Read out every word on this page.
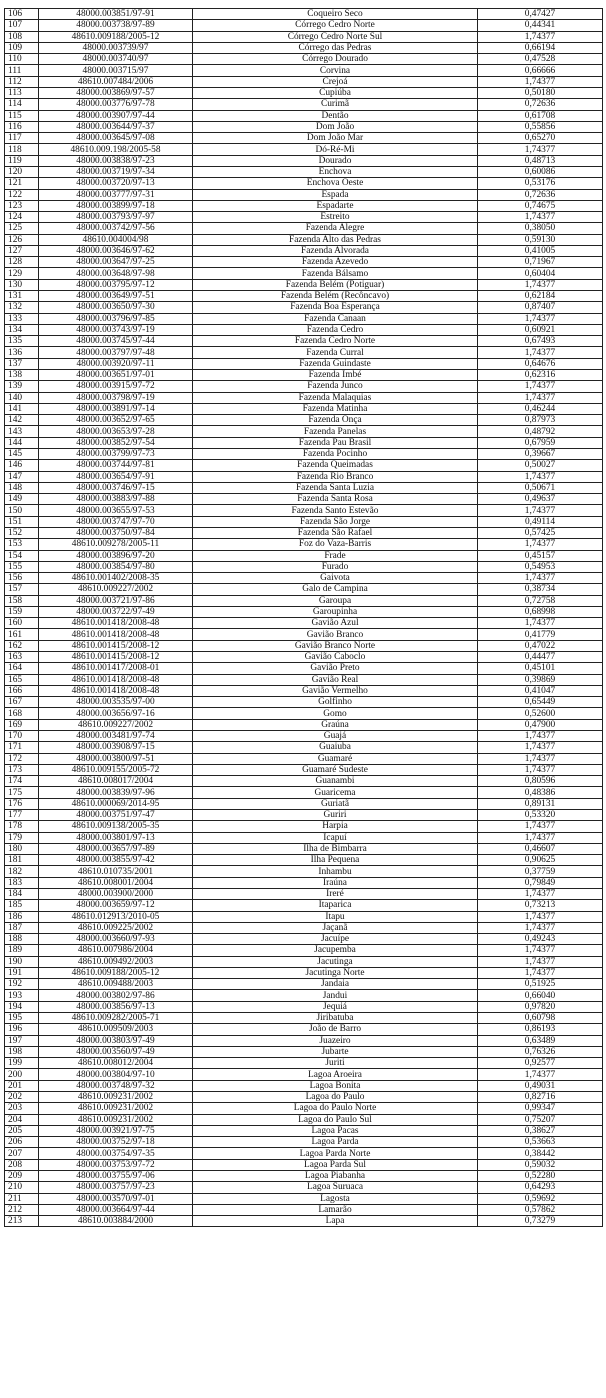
106	48000.003851/97-91	Coqueiro Seco	0,47427
107	48000.003738/97-89	Córrego Cedro Norte	0,44341
108	48610.009188/2005-12	Córrego Cedro Norte Sul	1,74377
109	48000.003739/97	Córrego das Pedras	0,66194
110	48000.003740/97	Córrego Dourado	0,47528
111	48000.003715/97	Corvina	0,66666
112	48610.007484/2006	Crejoá	1,74377
113	48000.003869/97-57	Cupiúba	0,50180
114	48000.003776/97-78	Curimã	0,72636
115	48000.003907/97-44	Dentão	0,61708
116	48000.003644/97-37	Dom João	0,55856
117	48000.003645/97-08	Dom João Mar	0,65270
118	48610.009.198/2005-58	Dó-Ré-Mi	1,74377
119	48000.003838/97-23	Dourado	0,48713
120	48000.003719/97-34	Enchova	0,60086
121	48000.003720/97-13	Enchova Oeste	0,53176
122	48000.003777/97-31	Espada	0,72636
123	48000.003899/97-18	Espadarte	0,74675
124	48000.003793/97-97	Estreito	1,74377
125	48000.003742/97-56	Fazenda Alegre	0,38050
126	48610.004004/98	Fazenda Alto das Pedras	0,59130
127	48000.003646/97-62	Fazenda Alvorada	0,41005
128	48000.003647/97-25	Fazenda Azevedo	0,71967
129	48000.003648/97-98	Fazenda Bálsamo	0,60404
130	48000.003795/97-12	Fazenda Belém (Potiguar)	1,74377
131	48000.003649/97-51	Fazenda Belém (Recôncavo)	0,62184
132	48000.003650/97-30	Fazenda Boa Esperança	0,87407
133	48000.003796/97-85	Fazenda Canaan	1,74377
134	48000.003743/97-19	Fazenda Cedro	0,60921
135	48000.003745/97-44	Fazenda Cedro Norte	0,67493
136	48000.003797/97-48	Fazenda Curral	1,74377
137	48000.003920/97-11	Fazenda Guindaste	0,64676
138	48000.003651/97-01	Fazenda Imbé	0,62316
139	48000.003915/97-72	Fazenda Junco	1,74377
140	48000.003798/97-19	Fazenda Malaquias	1,74377
141	48000.003891/97-14	Fazenda Matinha	0,46244
142	48000.003652/97-65	Fazenda Onça	0,87973
143	48000.003653/97-28	Fazenda Panelas	0,48792
144	48000.003852/97-54	Fazenda Pau Brasil	0,67959
145	48000.003799/97-73	Fazenda Pocinho	0,39667
146	48000.003744/97-81	Fazenda Queimadas	0,50027
147	48000.003654/97-91	Fazenda Rio Branco	1,74377
148	48000.003746/97-15	Fazenda Santa Luzia	0,50671
149	48000.003883/97-88	Fazenda Santa Rosa	0,49637
150	48000.003655/97-53	Fazenda Santo Estevão	1,74377
151	48000.003747/97-70	Fazenda São Jorge	0,49114
152	48000.003750/97-84	Fazenda São Rafael	0,57425
153	48610.009278/2005-11	Foz do Vaza-Barris	1,74377
154	48000.003896/97-20	Frade	0,45157
155	48000.003854/97-80	Furado	0,54953
156	48610.001402/2008-35	Gaivota	1,74377
157	48610.009227/2002	Galo de Campina	0,38734
158	48000.003721/97-86	Garoupa	0,72758
159	48000.003722/97-49	Garoupinha	0,68998
160	48610.001418/2008-48	Gavião Azul	1,74377
161	48610.001418/2008-48	Gavião Branco	0,41779
162	48610.001415/2008-12	Gavião Branco Norte	0,47022
163	48610.001415/2008-12	Gavião Caboclo	0,44477
164	48610.001417/2008-01	Gavião Preto	0,45101
165	48610.001418/2008-48	Gavião Real	0,39869
166	48610.001418/2008-48	Gavião Vermelho	0,41047
167	48000.003535/97-00	Golfinho	0,65449
168	48000.003656/97-16	Gomo	0,52600
169	48610.009227/2002	Graúna	0,47900
170	48000.003481/97-74	Guajá	1,74377
171	48000.003908/97-15	Guaiuba	1,74377
172	48000.003800/97-51	Guamaré	1,74377
173	48610.009155/2005-72	Guamaré Sudeste	1,74377
174	48610.008017/2004	Guanambi	0,80596
175	48000.003839/97-96	Guaricema	0,48386
176	48610.000069/2014-95	Guriatã	0,89131
177	48000.003751/97-47	Guriri	0,53320
178	48610.009138/2005-35	Harpia	1,74377
179	48000.003801/97-13	Icapuí	1,74377
180	48000.003657/97-89	Ilha de Bimbarra	0,46607
181	48000.003855/97-42	Ilha Pequena	0,90625
182	48610.010735/2001	Inhambu	0,37759
183	48610.008001/2004	Iraúna	0,79849
184	48000.003900/2000	Ireré	1,74377
185	48000.003659/97-12	Itaparica	0,73213
186	48610.012913/2010-05	Itapu	1,74377
187	48610.009225/2002	Jaçanã	1,74377
188	48000.003660/97-93	Jacuípe	0,49243
189	48610.007986/2004	Jacupemba	1,74377
190	48610.009492/2003	Jacutinga	1,74377
191	48610.009188/2005-12	Jacutinga Norte	1,74377
192	48610.009488/2003	Jandaia	0,51925
193	48000.003802/97-86	Jandui	0,66040
194	48000.003856/97-13	Jequiá	0,97820
195	48610.009282/2005-71	Jiribatuba	0,60798
196	48610.009509/2003	João de Barro	0,86193
197	48000.003803/97-49	Juazeiro	0,63489
198	48000.003560/97-49	Jubarte	0,76326
199	48610.008012/2004	Juriti	0,92577
200	48000.003804/97-10	Lagoa Aroeira	1,74377
201	48000.003748/97-32	Lagoa Bonita	0,49031
202	48610.009231/2002	Lagoa do Paulo	0,82716
203	48610.009231/2002	Lagoa do Paulo Norte	0,99347
204	48610.009231/2002	Lagoa do Paulo Sul	0,75207
205	48000.003921/97-75	Lagoa Pacas	0,38627
206	48000.003752/97-18	Lagoa Parda	0,53663
207	48000.003754/97-35	Lagoa Parda Norte	0,38442
208	48000.003753/97-72	Lagoa Parda Sul	0,59032
209	48000.003755/97-06	Lagoa Piabanha	0,52280
210	48000.003757/97-23	Lagoa Suruaca	0,64293
211	48000.003570/97-01	Lagosta	0,59692
212	48000.003664/97-44	Lamarão	0,57862
213	48610.003884/2000	Lapa	0,73279
